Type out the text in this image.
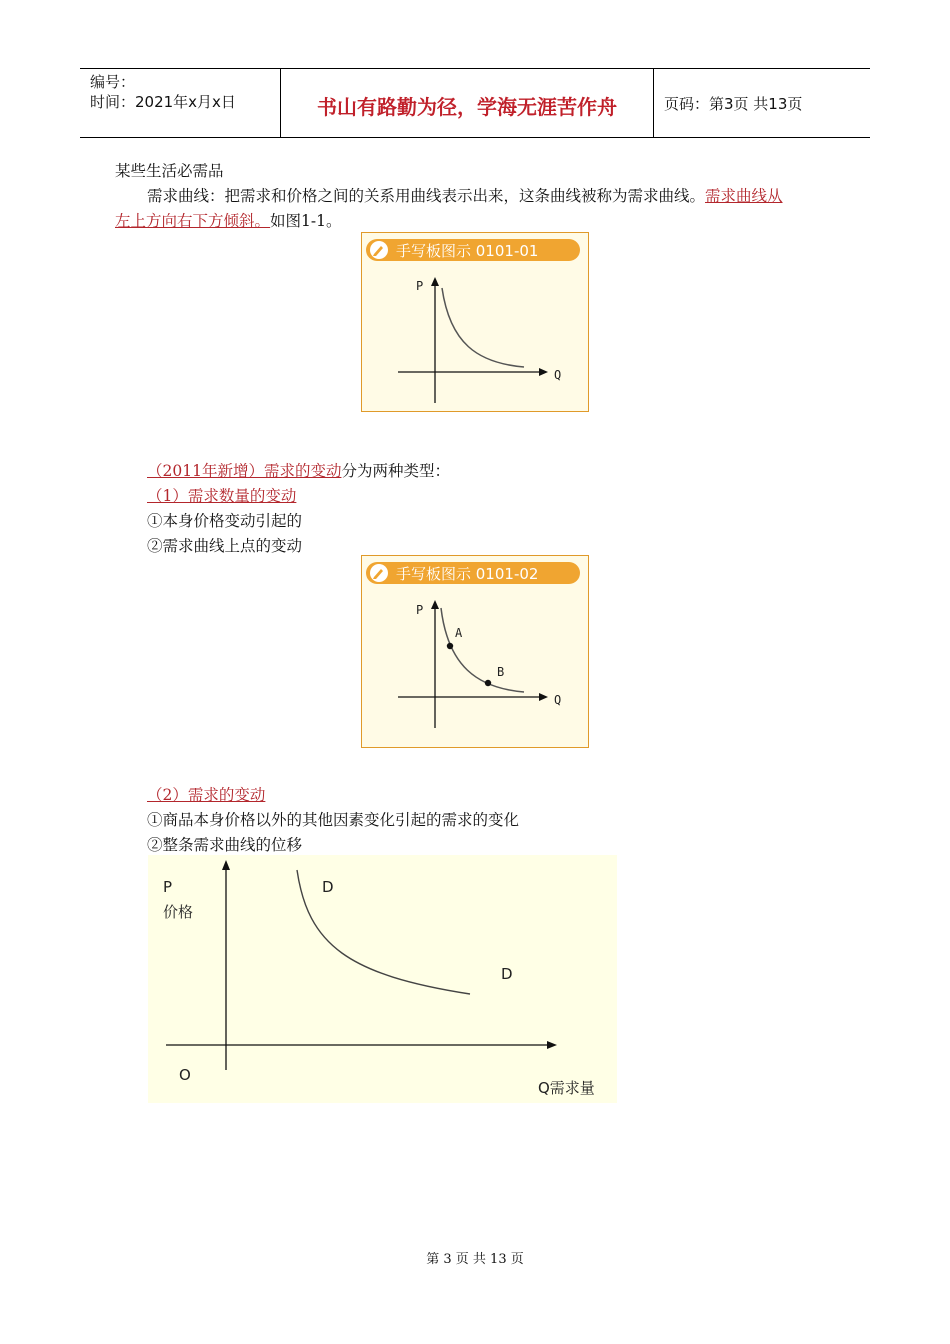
编号：
时间：2021年x月x日	书山有路勤为径，学海无涯苦作舟	页码：第3页 共13页
某些生活必需品
需求曲线：把需求和价格之间的关系用曲线表示出来，这条曲线被称为需求曲线。需求曲线从
左上方向右下方倾斜。如图1-1。
手写板图示 0101-01
P
Q
（2011年新增）需求的变动分为两种类型：
（1）需求数量的变动
①本身价格变动引起的
②需求曲线上点的变动
手写板图示 0101-02
P
A
B
Q
（2）需求的变动
①商品本身价格以外的其他因素变化引起的需求的变化
②整条需求曲线的位移
P
价格
D
D
O
Q需求量
第 3 页 共 13 页
